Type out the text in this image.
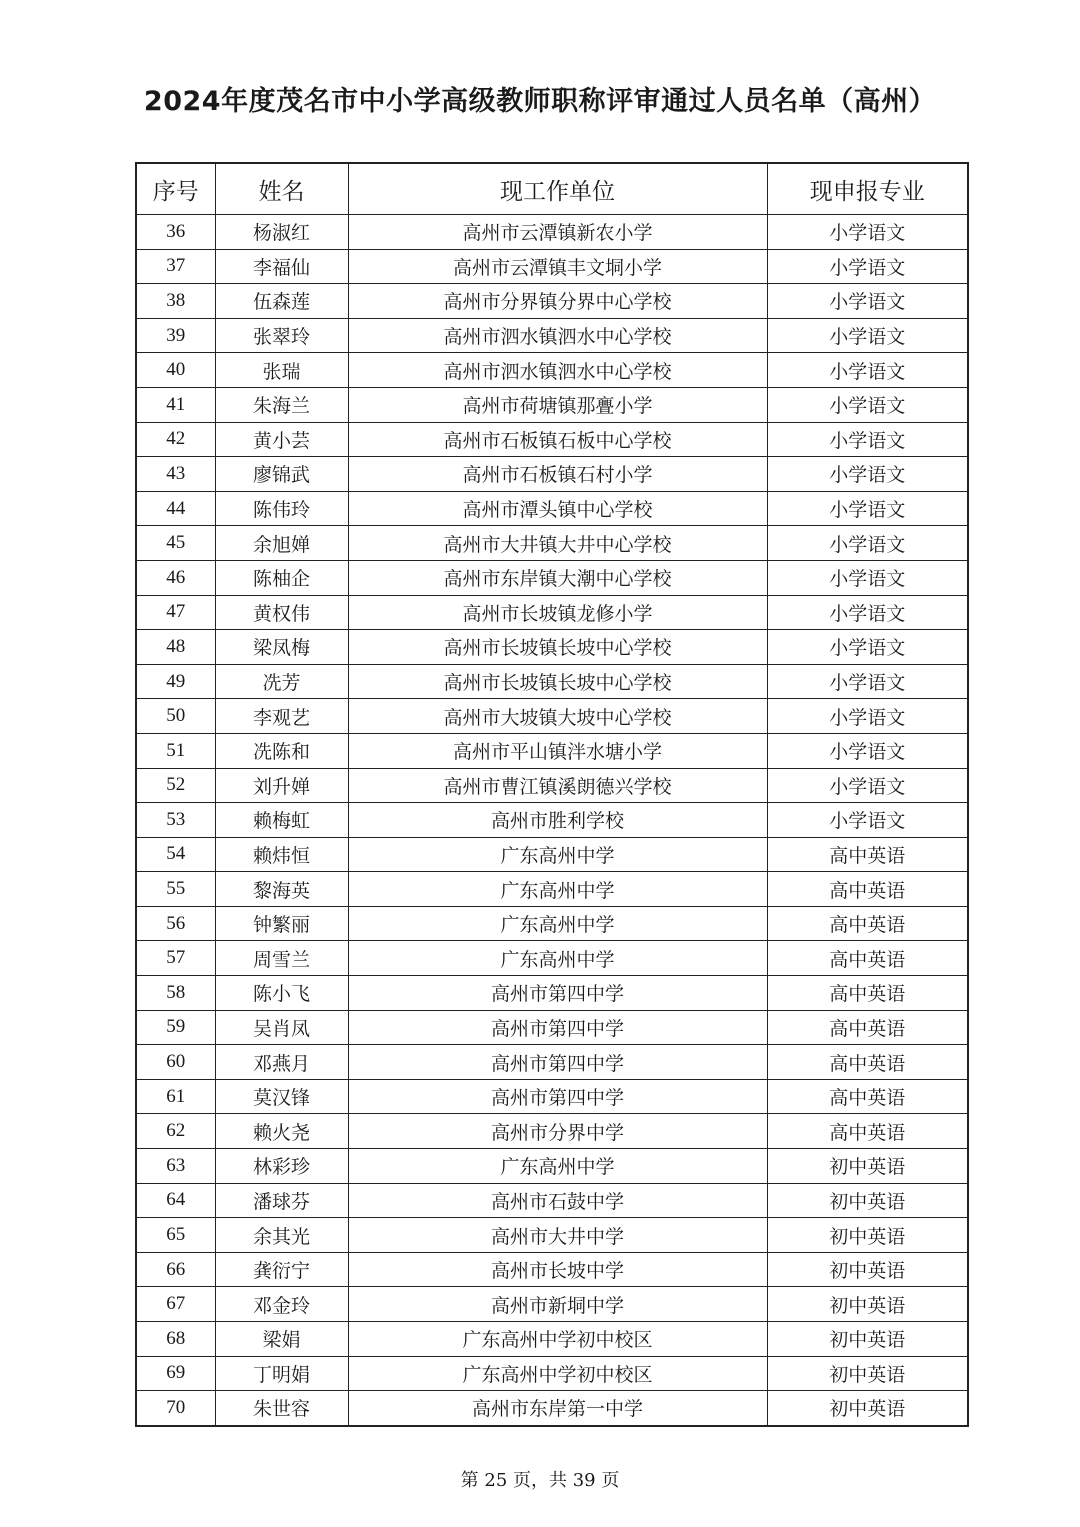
2024年度茂名市中小学高级教师职称评审通过人员名单（高州）
序号	姓名	现工作单位	现申报专业
36	杨淑红	高州市云潭镇新农小学	小学语文
37	李福仙	高州市云潭镇丰文垌小学	小学语文
38	伍森莲	高州市分界镇分界中心学校	小学语文
39	张翠玲	高州市泗水镇泗水中心学校	小学语文
40	张瑞	高州市泗水镇泗水中心学校	小学语文
41	朱海兰	高州市荷塘镇那亹小学	小学语文
42	黄小芸	高州市石板镇石板中心学校	小学语文
43	廖锦武	高州市石板镇石村小学	小学语文
44	陈伟玲	高州市潭头镇中心学校	小学语文
45	余旭婵	高州市大井镇大井中心学校	小学语文
46	陈柚企	高州市东岸镇大潮中心学校	小学语文
47	黄权伟	高州市长坡镇龙修小学	小学语文
48	梁凤梅	高州市长坡镇长坡中心学校	小学语文
49	冼芳	高州市长坡镇长坡中心学校	小学语文
50	李观艺	高州市大坡镇大坡中心学校	小学语文
51	冼陈和	高州市平山镇泮水塘小学	小学语文
52	刘升婵	高州市曹江镇溪朗德兴学校	小学语文
53	赖梅虹	高州市胜利学校	小学语文
54	赖炜恒	广东高州中学	高中英语
55	黎海英	广东高州中学	高中英语
56	钟繁丽	广东高州中学	高中英语
57	周雪兰	广东高州中学	高中英语
58	陈小飞	高州市第四中学	高中英语
59	吴肖凤	高州市第四中学	高中英语
60	邓燕月	高州市第四中学	高中英语
61	莫汉锋	高州市第四中学	高中英语
62	赖火尧	高州市分界中学	高中英语
63	林彩珍	广东高州中学	初中英语
64	潘球芬	高州市石鼓中学	初中英语
65	余其光	高州市大井中学	初中英语
66	龚衍宁	高州市长坡中学	初中英语
67	邓金玲	高州市新垌中学	初中英语
68	梁娟	广东高州中学初中校区	初中英语
69	丁明娟	广东高州中学初中校区	初中英语
70	朱世容	高州市东岸第一中学	初中英语
第 25 页，共 39 页
